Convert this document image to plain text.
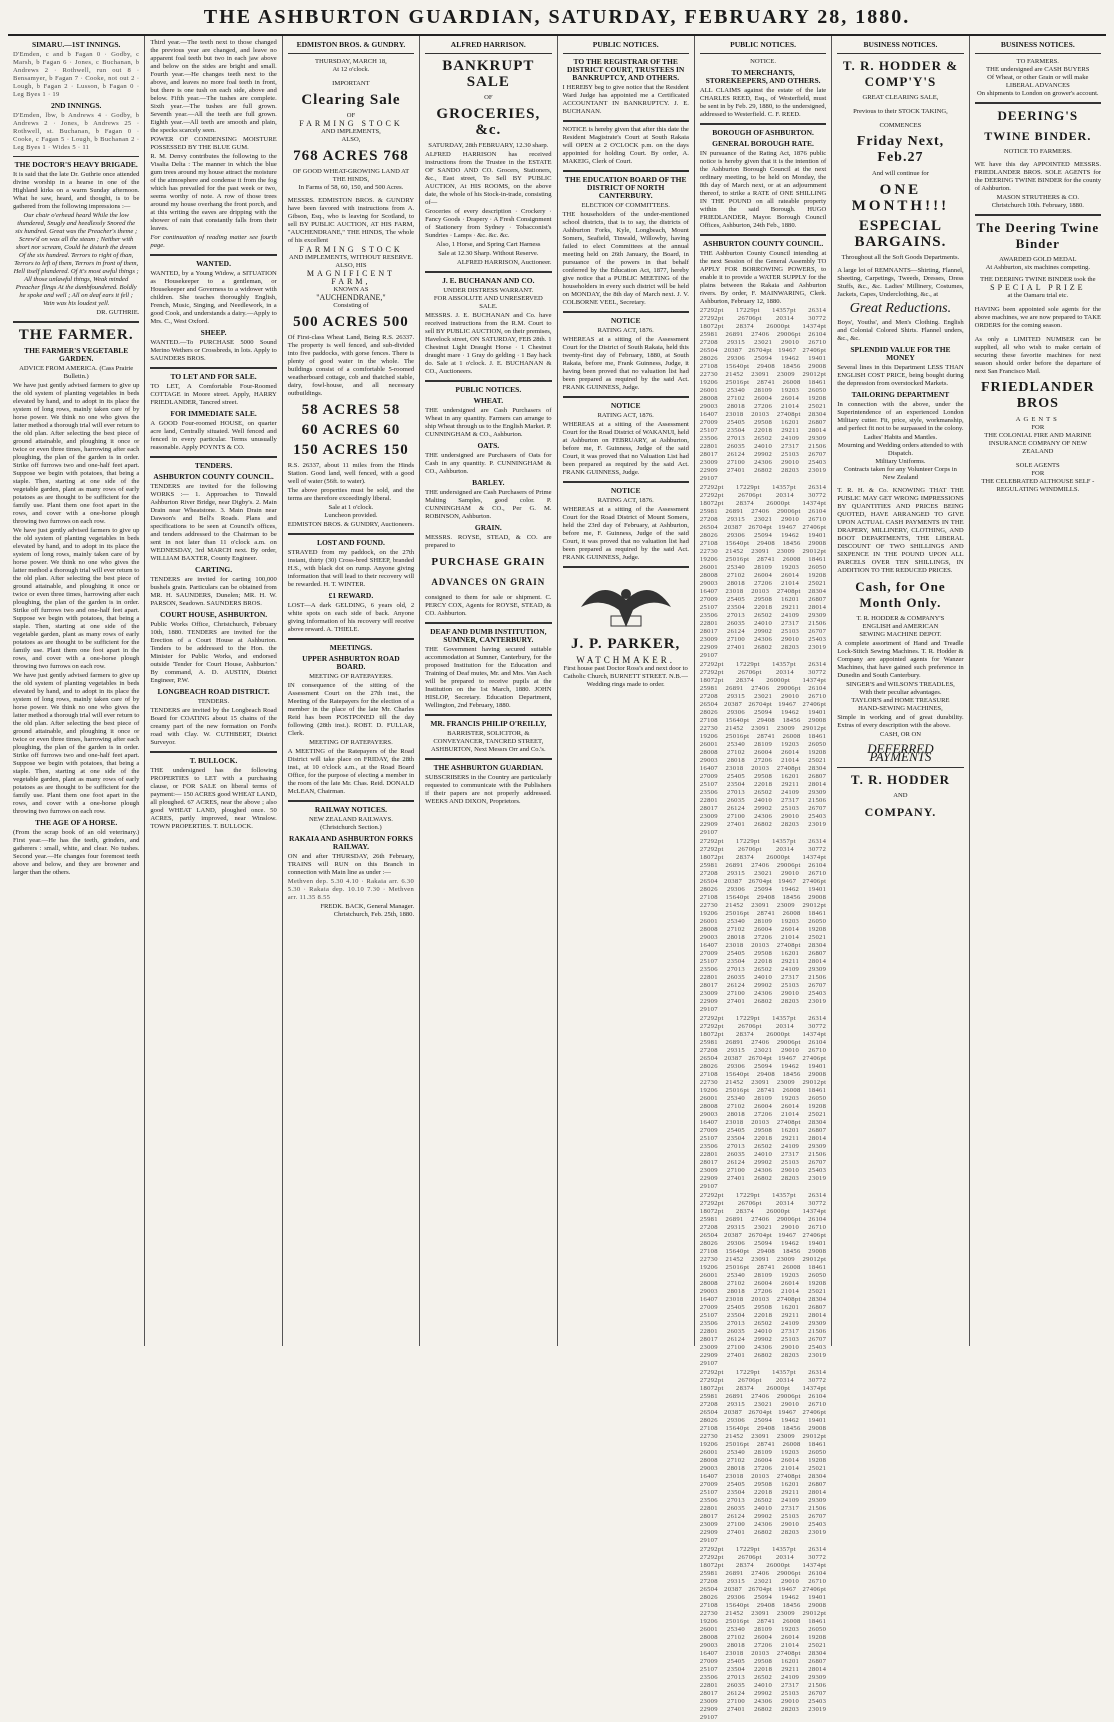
THE ASHBURTON GUARDIAN, SATURDAY, FEBRUARY 28, 1880.
SIMARU.—1ST INNINGS.

D'Emden, c and b Fagan 0 · Godby, c Marsh, b Fagan 6 · Jones, c Buchanan, b Andrews 2 · Rothwell, run out 8 · Bensamyer, b Fagan 7 · Cooke, not out 2 · Lough, b Fagan 2 · Lusson, b Fagan 0 · Leg Byes 1 · 19

2ND INNINGS.

D'Emden, lbw, b Andrews 4 · Godby, b Andrews 2 · Jones, b Andrews 25 · Rothwell, st. Buchanan, b Fagan 0 · Cooke, c Fagan 5 · Lough, b Buchanan 2 · Leg Byes 1 · Wides 5 · 11

THE DOCTOR'S HEAVY BRIGADE.

It is said that the late Dr. Guthrie once attended divine worship in a hearse in one of the Highland kirks on a warm Sunday afternoon. What he saw, heard, and thought, is to be gathered from the following impressions :—

Our chair o'erhead heard While the low thundered, Snugly and heedlessly Snored the six hundred. Great was the Preacher's theme ; Screw'd on was all the steam ; Neither with short nor scream, Could he disturb the dream Of the six hundred. Terrors to right of than, Terrors to left of them, Terrors in front of them, Hell itself plundered. Of it's most awful things ; All those unlawful things, Weak minded Preacher flings At the dumbfoundered. Boldly he spoke and well ; All on deaf ears it fell ; Vain was his loudest yell.

DR. GUTHRIE.

THE FARMER.
THE FARMER'S VEGETABLE GARDEN.

ADVICE FROM AMERICA. (Cass Prairie Bulletin.)

We have just gently advised farmers to give up the old system of planting vegetables in beds elevated by hand, and to adopt in its place the system of long rows, mainly taken care of by horse power. We think no one who gives the latter method a thorough trial will ever return to the old plan. After selecting the best piece of ground attainable, and ploughing it once or twice or even three times, harrowing after each ploughing, the plan of the garden is in order. Strike off furrows two and one-half feet apart. Suppose we begin with potatoes, that being a staple. Then, starting at one side of the vegetable garden, plant as many rows of early potatoes as are thought to be sufficient for the family use. Plant them one foot apart in the rows, and cover with a one-horse plough throwing two furrows on each row.

We have just gently advised farmers to give up the old system of planting vegetables in beds elevated by hand, and to adopt in its place the system of long rows, mainly taken care of by horse power. We think no one who gives the latter method a thorough trial will ever return to the old plan. After selecting the best piece of ground attainable, and ploughing it once or twice or even three times, harrowing after each ploughing, the plan of the garden is in order. Strike off furrows two and one-half feet apart. Suppose we begin with potatoes, that being a staple. Then, starting at one side of the vegetable garden, plant as many rows of early potatoes as are thought to be sufficient for the family use. Plant them one foot apart in the rows, and cover with a one-horse plough throwing two furrows on each row.

We have just gently advised farmers to give up the old system of planting vegetables in beds elevated by hand, and to adopt in its place the system of long rows, mainly taken care of by horse power. We think no one who gives the latter method a thorough trial will ever return to the old plan. After selecting the best piece of ground attainable, and ploughing it once or twice or even three times, harrowing after each ploughing, the plan of the garden is in order. Strike off furrows two and one-half feet apart. Suppose we begin with potatoes, that being a staple. Then, starting at one side of the vegetable garden, plant as many rows of early potatoes as are thought to be sufficient for the family use. Plant them one foot apart in the rows, and cover with a one-horse plough throwing two furrows on each row.

THE AGE OF A HORSE.

(From the scrap book of an old veterinary.) First year.—He has the teeth, grinders, and gatherers : small, white, and clear. No tushes. Second year.—He changes four foremost teeth above and below, and they are browner and larger than the others.

Third year.—The teeth next to those changed the previous year are changed, and leave no apparent foal teeth but two in each jaw above and below on the sides are bright and small. Fourth year.—He changes teeth next to the above, and leaves no more foal teeth in front, but there is one tush on each side, above and below. Fifth year.—The tushes are complete. Sixth year.—The tushes are full grown. Seventh year.—All the teeth are full grown. Eighth year.—All teeth are smooth and plain, the specks scarcely seen.

POWER OF CONDENSING MOISTURE POSSESSED BY THE BLUE GUM.

R. M. Denvy contributes the following to the Visalia Delta : The manner in which the blue gum trees around my house attract the moisture of the atmosphere and condense it from the fog which has prevailed for the past week or two, seems worthy of note. A row of those trees around my house overhang the front porch, and at this writing the eaves are dripping with the shower of rain that constantly falls from their leaves.

For continuation of reading matter see fourth page.

WANTED.

WANTED, by a Young Widow, a SITUATION as Housekeeper to a gentleman, or Housekeeper and Governess to a widower with children. She teaches thoroughly English, French, Music, Singing, and Needlework, in a good Cook, and understands a dairy.—Apply to Mrs. C., West Oxford.

SHEEP.

WANTED.—To PURCHASE 5000 Sound Merino Wethers or Crossbreds, in lots. Apply to SAUNDERS BROS.

TO LET AND FOR SALE.

TO LET, A Comfortable Four-Roomed COTTAGE in Moore street. Apply, HARRY FRIEDLANDER, Tancred street.

FOR IMMEDIATE SALE.

A GOOD Four-roomed HOUSE, on quarter acre land, Centrally situated. Well fenced and fenced in every particular. Terms unusually reasonable. Apply POYNTS & CO.

TENDERS.
ASHBURTON COUNTY COUNCIL.

TENDERS are invited for the following WORKS :— 1. Approaches to Tinwald Ashburton River Bridge, near Digby's. 2. Main Drain near Wheatstone. 3. Main Drain near Dawson's and Bell's Roads. Plans and specifications to be seen at Council's offices, and tenders addressed to the Chairman to be sent in not later than 11 o'clock a.m. on WEDNESDAY, 3rd MARCH next. By order, WILLIAM BAXTER, County Engineer.

CARTING.

TENDERS are invited for carting 100,000 bushels grain. Particulars can be obtained from MR. H. SAUNDERS, Dunelen; MR. H. W. PARSON, Seadown. SAUNDERS BROS.

COURT HOUSE, ASHBURTON.

Public Works Office, Christchurch, February 10th, 1880. TENDERS are invited for the Erection of a Court House at Ashburton. Tenders to be addressed to the Hon. the Minister for Public Works, and endorsed outside 'Tender for Court House, Ashburton.' By command, A. D. AUSTIN, District Engineer, P.W.

LONGBEACH ROAD DISTRICT.
TENDERS.

TENDERS are invited by the Longbeach Road Board for COATING about 15 chains of the creamy part of the new formation on Ford's road with Clay. W. CUTHBERT, District Surveyor.

T. BULLOCK.

THE undersigned has the following PROPERTIES to LET with a purchasing clause, or FOR SALE on liberal terms of payment:— 150 ACRES good WHEAT LAND, all ploughed. 67 ACRES, near the above ; also good WHEAT LAND, ploughed once. 50 ACRES, partly improved, near Winslow. TOWN PROPERTIES. T. BULLOCK.

EDMISTON BROS. & GUNDRY.
THURSDAY, MARCH 18,
At 12 o'clock.
IMPORTANT
Clearing Sale
OF
FARMING STOCK
AND IMPLEMENTS,
ALSO,
768 ACRES 768
OF GOOD WHEAT-GROWING LAND AT THE HINDS,
In Farms of 58, 60, 150, and 500 Acres.

MESSRS. EDMISTON BROS. & GUNDRY have been favored with instructions from A. Gibson, Esq., who is leaving for Scotland, to sell BY PUBLIC AUCTION, AT HIS FARM, "AUCHENDRANE," THE HINDS, The whole of his excellent

FARMING STOCK
AND IMPLEMENTS, WITHOUT RESERVE.
ALSO, HIS
MAGNIFICENT FARM,
KNOWN AS
"AUCHENDRANE,"
Consisting of
500 ACRES 500

Of First-class Wheat Land, Being R.S. 26337. The property is well fenced, and sub-divided into five paddocks, with gorse fences. There is plenty of good water in the whole. The buildings consist of a comfortable 5-roomed weatherboard cottage, cob and thatched stable, dairy, fowl-house, and all necessary outbuildings.

58 ACRES 58
60 ACRES 60
150 ACRES 150

R.S. 26337, about 11 miles from the Hinds Station. Good land, well fenced, with a good well of water (56ft. to water).

The above properties must be sold, and the terms are therefore exceedingly liberal.

Sale at 1 o'clock.
Luncheon provided.

EDMISTON BROS. & GUNDRY, Auctioneers.

LOST AND FOUND.

STRAYED from my paddock, on the 27th instant, thirty (30) Cross-bred SHEEP, branded H.S., with black dot on rump. Anyone giving information that will lead to their recovery will be rewarded. H. T. WINTER.

£1 REWARD.

LOST—A dark GELDING, 6 years old, 2 white spots on each side of back. Anyone giving information of his recovery will receive above reward. A. THIELE.

MEETINGS.
UPPER ASHBURTON ROAD BOARD.
MEETING OF RATEPAYERS.

IN consequence of the sitting of the Assessment Court on the 27th inst., the Meeting of the Ratepayers for the election of a member in the place of the late Mr. Charles Reid has been POSTPONED till the day following (28th inst.). ROBT. D. FULLAR, Clerk.

MEETING OF RATEPAYERS.

A MEETING of the Ratepayers of the Road District will take place on FRIDAY, the 28th inst., at 10 o'clock a.m., at the Road Board Office, for the purpose of electing a member in the room of the late Mr. Chas. Reid. DONALD McLEAN, Chairman.

RAILWAY NOTICES.
NEW ZEALAND RAILWAYS.
(Christchurch Section.)
RAKAIA AND ASHBURTON FORKS RAILWAY.

ON and after THURSDAY, 26th February, TRAINS will RUN on this Branch in connection with Main line as under :—

Methven dep. 5.30 4.10 · Rakaia arr. 6.30 5.30 · Rakaia dep. 10.10 7.30 · Methven arr. 11.35 8.55

FREDK. BACK, General Manager. Christchurch, Feb. 25th, 1880.

ALFRED HARRISON.
BANKRUPT SALE
OF
GROCERIES, &c.
SATURDAY, 28th FEBRUARY, 12.30 sharp.

ALFRED HARRISON has received instructions from the Trustee in the ESTATE OF SANDO AND CO. Grocers, Stationers, &c., East street, To Sell BY PUBLIC AUCTION, At HIS ROOMS, on the above date, the whole of his Stock-in-trade, consisting of—

Groceries of every description · Crockery · Fancy Goods · Drapery · A Fresh Consignment of Stationery from Sydney · Tobacconist's Sundries · Lamps · &c. &c. &c.

Also, 1 Horse, and Spring Cart Harness

Sale at 12.30 Sharp. Without Reserve.

ALFRED HARRISON, Auctioneer.

J. E. BUCHANAN AND CO.
UNDER DISTRESS WARRANT.
FOR ABSOLUTE AND UNRESERVED SALE.

MESSRS. J. E. BUCHANAN and Co. have received instructions from the R.M. Court to sell BY PUBLIC AUCTION, on their premises, Havelock street, ON SATURDAY, FEB 28th. 1 Chestnut Light Draught Horse · 1 Chestnut draught mare · 1 Gray do gelding · 1 Bay hack do. Sale at 1 o'clock. J. E. BUCHANAN & CO., Auctioneers.

PUBLIC NOTICES.
WHEAT.

THE undersigned are Cash Purchasers of Wheat in any quantity. Farmers can arrange to ship Wheat through us to the English Market. P. CUNNINGHAM & CO., Ashburton.

OATS.

THE undersigned are Purchasers of Oats for Cash in any quantity. P. CUNNINGHAM & CO., Ashburton.

BARLEY.

THE undersigned are Cash Purchasers of Prime Malting Samples, good color. P. CUNNINGHAM & CO., Per G. M. ROBINSON, Ashburton.

GRAIN.

MESSRS. ROYSE, STEAD, & CO. are prepared to

PURCHASE GRAIN
ADVANCES ON GRAIN

consigned to them for sale or shipment. C. PERCY COX, Agents for ROYSE, STEAD, & CO. Ashburton.

DEAF AND DUMB INSTITUTION, SUMNER, CANTERBURY.

THE Government having secured suitable accommodation at Sumner, Canterbury, for the proposed Institution for the Education and Training of Deaf mutes, Mr. and Mrs. Van Asch will be prepared to receive pupils at the Institution on the 1st March, 1880. JOHN HISLOP, Secretary. Education Department, Wellington, 2nd February, 1880.

MR. FRANCIS PHILIP O'REILLY,

BARRISTER, SOLICITOR, & CONVEYANCER, TANCRED STREET, ASHBURTON, Next Messrs Orr and Co.'s.

THE ASHBURTON GUARDIAN.

SUBSCRIBERS in the Country are particularly requested to communicate with the Publishers if their papers are not properly addressed. WEEKS AND DIXON, Proprietors.

PUBLIC NOTICES.
TO THE REGISTRAR OF THE DISTRICT COURT, TRUSTEES IN BANKRUPTCY, AND OTHERS.

I HEREBY beg to give notice that the Resident Ward Judge has appointed me a Certificated ACCOUNTANT IN BANKRUPTCY. J. E. BUCHANAN.

NOTICE is hereby given that after this date the Resident Magistrate's Court at South Rakaia will OPEN at 2 O'CLOCK p.m. on the days appointed for holding Court. By order, A. MAKEIG, Clerk of Court.

THE EDUCATION BOARD OF THE DISTRICT OF NORTH CANTERBURY.
ELECTION OF COMMITTEES.

THE householders of the under-mentioned school districts, that is to say, the districts of Ashburton Forks, Kyle, Longbeach, Mount Somers, Seafield, Tinwald, Willowby, having failed to elect Committees at the annual meeting held on 26th January, the Board, in pursuance of the powers in that behalf conferred by the Education Act, 1877, hereby give notice that a PUBLIC MEETING of the householders in every such district will be held on MONDAY, the 8th day of March next. J. V. COLBORNE VEEL, Secretary.

NOTICE
RATING ACT, 1876.

WHEREAS at a sitting of the Assessment Court for the District of South Rakaia, held this twenty-first day of February, 1880, at South Rakaia, before me, Frank Guinness, Judge, it having been proved that no valuation list had been prepared as required by the said Act. FRANK GUINNESS, Judge.

NOTICE
RATING ACT, 1876.

WHEREAS at a sitting of the Assessment Court for the Road District of WAKANUI, held at Ashburton on FEBRUARY, at Ashburton, before me, F. Guinness, Judge of the said Court, it was proved that no Valuation List had been prepared as required by the said Act. FRANK GUINNESS, Judge.

NOTICE
RATING ACT, 1876.

WHEREAS at a sitting of the Assessment Court for the Road District of Mount Somers, held the 23rd day of February, at Ashburton, before me, F. Guinness, Judge of the said Court, it was proved that no valuation list had been prepared as required by the said Act. FRANK GUINNESS, Judge.

J. P. PARKER,
WATCHMAKER.

First house past Doctor Ross's and next door to Catholic Church, BURNETT STREET. N.B.—Wedding rings made to order.

PUBLIC NOTICES.
NOTICE.
TO MERCHANTS, STOREKEEPERS, AND OTHERS.

ALL CLAIMS against the estate of the late CHARLES REED, Esq., of Westerfield, must be sent in by Feb. 29, 1880, to the undersigned, addressed to Westerfield. C. F. REED.

BOROUGH OF ASHBURTON.
GENERAL BOROUGH RATE.

IN pursuance of the Rating Act, 1876 public notice is hereby given that it is the intention of the Ashburton Borough Council at the next ordinary meeting, to be held on Monday, the 8th day of March next, or at an adjournment thereof, to strike a RATE of ONE SHILLING IN THE POUND on all rateable property within the said Borough. HUGO FRIEDLANDER, Mayor. Borough Council Offices, Ashburton, 24th Feb., 1880.

ASHBURTON COUNTY COUNCIL.

THE Ashburton County Council intending at the next Session of the General Assembly TO APPLY FOR BORROWING POWERS, to enable it to provide a WATER SUPPLY for the plains between the Rakaia and Ashburton rivers. By order, F. MAINWARING, Clerk. Ashburton, February 12, 1880.

27292pt 17229pt 14357pt 26314 27292pt 26706pt 20314 30772 18072pt 28374 26000pt 14374pt 25981 26891 27406 29006pt 26104 27208 29315 23021 29010 26710 26504 20387 26704pt 19467 27406pt 28026 29306 25094 19462 19401 27108 15640pt 29408 18456 29008 22730 21452 23091 23009 29012pt 19206 25016pt 28741 26008 18461 26001 25340 28109 19203 26050 28008 27102 26004 26014 19208 29003 28018 27206 21014 25021 16407 23018 20103 27408pt 28304 27009 25405 29508 16201 26807 25107 23504 22018 29211 28014 23506 27013 26502 24109 29309 22801 26035 24010 27317 21506 28017 26124 29902 25103 26707 23009 27100 24306 29010 25403 22909 27401 26802 28203 23019 29107

27292pt 17229pt 14357pt 26314 27292pt 26706pt 20314 30772 18072pt 28374 26000pt 14374pt 25981 26891 27406 29006pt 26104 27208 29315 23021 29010 26710 26504 20387 26704pt 19467 27406pt 28026 29306 25094 19462 19401 27108 15640pt 29408 18456 29008 22730 21452 23091 23009 29012pt 19206 25016pt 28741 26008 18461 26001 25340 28109 19203 26050 28008 27102 26004 26014 19208 29003 28018 27206 21014 25021 16407 23018 20103 27408pt 28304 27009 25405 29508 16201 26807 25107 23504 22018 29211 28014 23506 27013 26502 24109 29309 22801 26035 24010 27317 21506 28017 26124 29902 25103 26707 23009 27100 24306 29010 25403 22909 27401 26802 28203 23019 29107

27292pt 17229pt 14357pt 26314 27292pt 26706pt 20314 30772 18072pt 28374 26000pt 14374pt 25981 26891 27406 29006pt 26104 27208 29315 23021 29010 26710 26504 20387 26704pt 19467 27406pt 28026 29306 25094 19462 19401 27108 15640pt 29408 18456 29008 22730 21452 23091 23009 29012pt 19206 25016pt 28741 26008 18461 26001 25340 28109 19203 26050 28008 27102 26004 26014 19208 29003 28018 27206 21014 25021 16407 23018 20103 27408pt 28304 27009 25405 29508 16201 26807 25107 23504 22018 29211 28014 23506 27013 26502 24109 29309 22801 26035 24010 27317 21506 28017 26124 29902 25103 26707 23009 27100 24306 29010 25403 22909 27401 26802 28203 23019 29107

27292pt 17229pt 14357pt 26314 27292pt 26706pt 20314 30772 18072pt 28374 26000pt 14374pt 25981 26891 27406 29006pt 26104 27208 29315 23021 29010 26710 26504 20387 26704pt 19467 27406pt 28026 29306 25094 19462 19401 27108 15640pt 29408 18456 29008 22730 21452 23091 23009 29012pt 19206 25016pt 28741 26008 18461 26001 25340 28109 19203 26050 28008 27102 26004 26014 19208 29003 28018 27206 21014 25021 16407 23018 20103 27408pt 28304 27009 25405 29508 16201 26807 25107 23504 22018 29211 28014 23506 27013 26502 24109 29309 22801 26035 24010 27317 21506 28017 26124 29902 25103 26707 23009 27100 24306 29010 25403 22909 27401 26802 28203 23019 29107

27292pt 17229pt 14357pt 26314 27292pt 26706pt 20314 30772 18072pt 28374 26000pt 14374pt 25981 26891 27406 29006pt 26104 27208 29315 23021 29010 26710 26504 20387 26704pt 19467 27406pt 28026 29306 25094 19462 19401 27108 15640pt 29408 18456 29008 22730 21452 23091 23009 29012pt 19206 25016pt 28741 26008 18461 26001 25340 28109 19203 26050 28008 27102 26004 26014 19208 29003 28018 27206 21014 25021 16407 23018 20103 27408pt 28304 27009 25405 29508 16201 26807 25107 23504 22018 29211 28014 23506 27013 26502 24109 29309 22801 26035 24010 27317 21506 28017 26124 29902 25103 26707 23009 27100 24306 29010 25403 22909 27401 26802 28203 23019 29107

27292pt 17229pt 14357pt 26314 27292pt 26706pt 20314 30772 18072pt 28374 26000pt 14374pt 25981 26891 27406 29006pt 26104 27208 29315 23021 29010 26710 26504 20387 26704pt 19467 27406pt 28026 29306 25094 19462 19401 27108 15640pt 29408 18456 29008 22730 21452 23091 23009 29012pt 19206 25016pt 28741 26008 18461 26001 25340 28109 19203 26050 28008 27102 26004 26014 19208 29003 28018 27206 21014 25021 16407 23018 20103 27408pt 28304 27009 25405 29508 16201 26807 25107 23504 22018 29211 28014 23506 27013 26502 24109 29309 22801 26035 24010 27317 21506 28017 26124 29902 25103 26707 23009 27100 24306 29010 25403 22909 27401 26802 28203 23019 29107

27292pt 17229pt 14357pt 26314 27292pt 26706pt 20314 30772 18072pt 28374 26000pt 14374pt 25981 26891 27406 29006pt 26104 27208 29315 23021 29010 26710 26504 20387 26704pt 19467 27406pt 28026 29306 25094 19462 19401 27108 15640pt 29408 18456 29008 22730 21452 23091 23009 29012pt 19206 25016pt 28741 26008 18461 26001 25340 28109 19203 26050 28008 27102 26004 26014 19208 29003 28018 27206 21014 25021 16407 23018 20103 27408pt 28304 27009 25405 29508 16201 26807 25107 23504 22018 29211 28014 23506 27013 26502 24109 29309 22801 26035 24010 27317 21506 28017 26124 29902 25103 26707 23009 27100 24306 29010 25403 22909 27401 26802 28203 23019 29107

27292pt 17229pt 14357pt 26314 27292pt 26706pt 20314 30772 18072pt 28374 26000pt 14374pt 25981 26891 27406 29006pt 26104 27208 29315 23021 29010 26710 26504 20387 26704pt 19467 27406pt 28026 29306 25094 19462 19401 27108 15640pt 29408 18456 29008 22730 21452 23091 23009 29012pt 19206 25016pt 28741 26008 18461 26001 25340 28109 19203 26050 28008 27102 26004 26014 19208 29003 28018 27206 21014 25021 16407 23018 20103 27408pt 28304 27009 25405 29508 16201 26807 25107 23504 22018 29211 28014 23506 27013 26502 24109 29309 22801 26035 24010 27317 21506 28017 26124 29902 25103 26707 23009 27100 24306 29010 25403 22909 27401 26802 28203 23019 29107

BUSINESS NOTICES.
T. R. HODDER & COMP'Y'S
GREAT CLEARING SALE,
Previous to their STOCK TAKING,
COMMENCES
Friday Next, Feb.27
And will continue for
ONE MONTH!!!
ESPECIAL BARGAINS.
Throughout all the Soft Goods Departments.

A large lot of REMNANTS—Shirting, Flannel, Sheeting, Carpetings, Tweeds, Dresses, Dress Stuffs, &c., &c. Ladies' Millinery, Costumes, Jackets, Capes, Underclothing, &c., at

Great Reductions.

Boys', Youths', and Men's Clothing. English and Colonial Colored Shirts. Flannel unders, &c., &c.

SPLENDID VALUE FOR THE MONEY

Several lines in this Department LESS THAN ENGLISH COST PRICE, being bought during the depression from overstocked Markets.

TAILORING DEPARTMENT

In connection with the above, under the Superintendence of an experienced London Military cutter. Fit, price, style, workmanship, and perfect fit not to be surpassed in the colony.

Ladies' Habits and Mantles.
Mourning and Wedding orders attended to with Dispatch.
Military Uniforms.
Contracts taken for any Volunteer Corps in New Zealand

T. R. H. & Co. KNOWING THAT THE PUBLIC MAY GET WRONG IMPRESSIONS BY QUANTITIES AND PRICES BEING QUOTED, HAVE ARRANGED TO GIVE UPON ACTUAL CASH PAYMENTS IN THE DRAPERY, MILLINERY, CLOTHING, AND BOOT DEPARTMENTS, THE LIBERAL DISCOUNT OF TWO SHILLINGS AND SIXPENCE IN THE POUND UPON ALL PARCELS OVER TEN SHILLINGS, IN ADDITION TO THE REDUCED PRICES.

Cash, for One Month Only.
T. R. HODDER & COMPANY'S
ENGLISH and AMERICAN
SEWING MACHINE DEPOT.

A complete assortment of Hand and Treadle Lock-Stitch Sewing Machines. T. R. Hodder & Company are appointed agents for Wanzer Machines, that have gained such preference in Dunedin and South Canterbury.

SINGER'S and WILSON'S TREADLES,
With their peculiar advantages.
TAYLOR'S and HOME TREASURE
HAND-SEWING MACHINES,

Simple in working and of great durability. Extras of every description with the above.

CASH, OR ON
DEFERRED PAYMENTS
T. R. HODDER
AND
COMPANY.
BUSINESS NOTICES.
TO FARMERS.
THE undersigned are CASH BUYERS
Of Wheat, or other Grain or will make
LIBERAL ADVANCES
On shipments to London on grower's account.
DEERING'S
TWINE BINDER.
NOTICE TO FARMERS.

WE have this day APPOINTED MESSRS. FRIEDLANDER BROS. SOLE AGENTS for the DEERING TWINE BINDER for the county of Ashburton.

MASON STRUTHERS & CO.
Christchurch 10th. February, 1880.
The Deering Twine Binder
AWARDED GOLD MEDAL
At Ashburton, six machines competing.
THE DEERING TWINE BINDER took the
SPECIAL PRIZE
at the Oamaru trial etc.

HAVING been appointed sole agents for the above machines, we are now prepared to TAKE ORDERS for the coming season.

As only a LIMITED NUMBER can be supplied, all who wish to make certain of securing these favorite machines for next season should order before the departure of next San Francisco Mail.

FRIEDLANDER BROS
AGENTS
FOR
THE COLONIAL FIRE AND MARINE INSURANCE COMPANY OF NEW ZEALAND
SOLE AGENTS
FOR
THE CELEBRATED ALTHOUSE SELF - REGULATING WINDMILLS.
